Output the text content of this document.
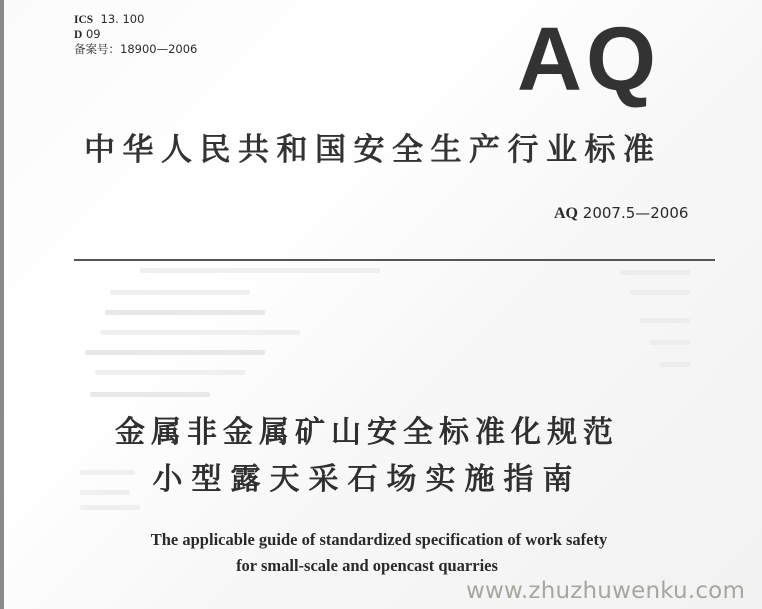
ICS 13. 100
D 09
备案号：18900—2006	AQ
中华人民共和国安全生产行业标准
AQ 2007.5—2006
金属非金属矿山安全标准化规范
小型露天采石场实施指南
The applicable guide of standardized specification of work safety
for small-scale and opencast quarries
www.zhuzhuwenku.com
